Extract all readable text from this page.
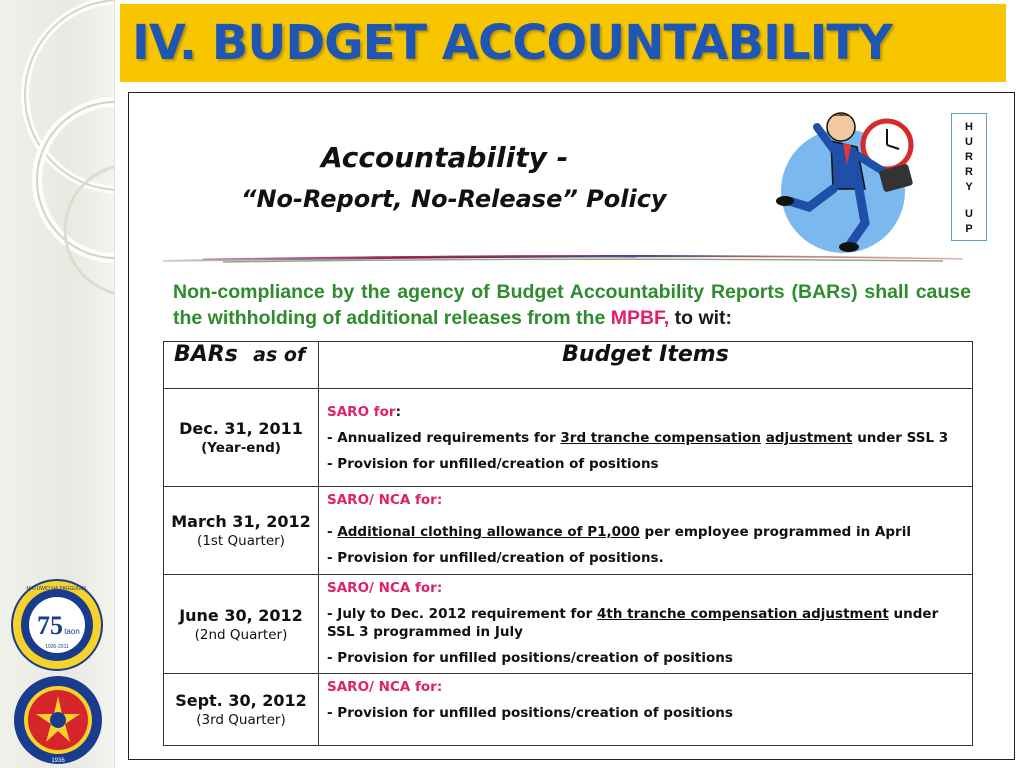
75 taon
1936-2011
MATUWID NA PAGGUGOL
1936
IV. BUDGET ACCOUNTABILITY
Accountability -
“No-Report, No-Release” Policy
H
U
R
R
Y
U
P
Non-compliance by the agency of Budget Accountability Reports (BARs) shall cause the withholding of additional releases from the MPBF, to wit:
BARs as of	Budget Items

Dec. 31, 2011
(Year-end)	SARO for:
- Annualized requirements for 3rd tranche compensation adjustment under SSL 3
- Provision for unfilled/creation of positions

March 31, 2012
(1st Quarter)	SARO/ NCA for:
- Additional clothing allowance of P1,000 per employee programmed in April
- Provision for unfilled/creation of positions.

June 30, 2012
(2nd Quarter)	SARO/ NCA for:
- July to Dec. 2012 requirement for 4th tranche compensation adjustment under SSL 3 programmed in July
- Provision for unfilled positions/creation of positions

Sept. 30, 2012
(3rd Quarter)	SARO/ NCA for:
- Provision for unfilled positions/creation of positions
